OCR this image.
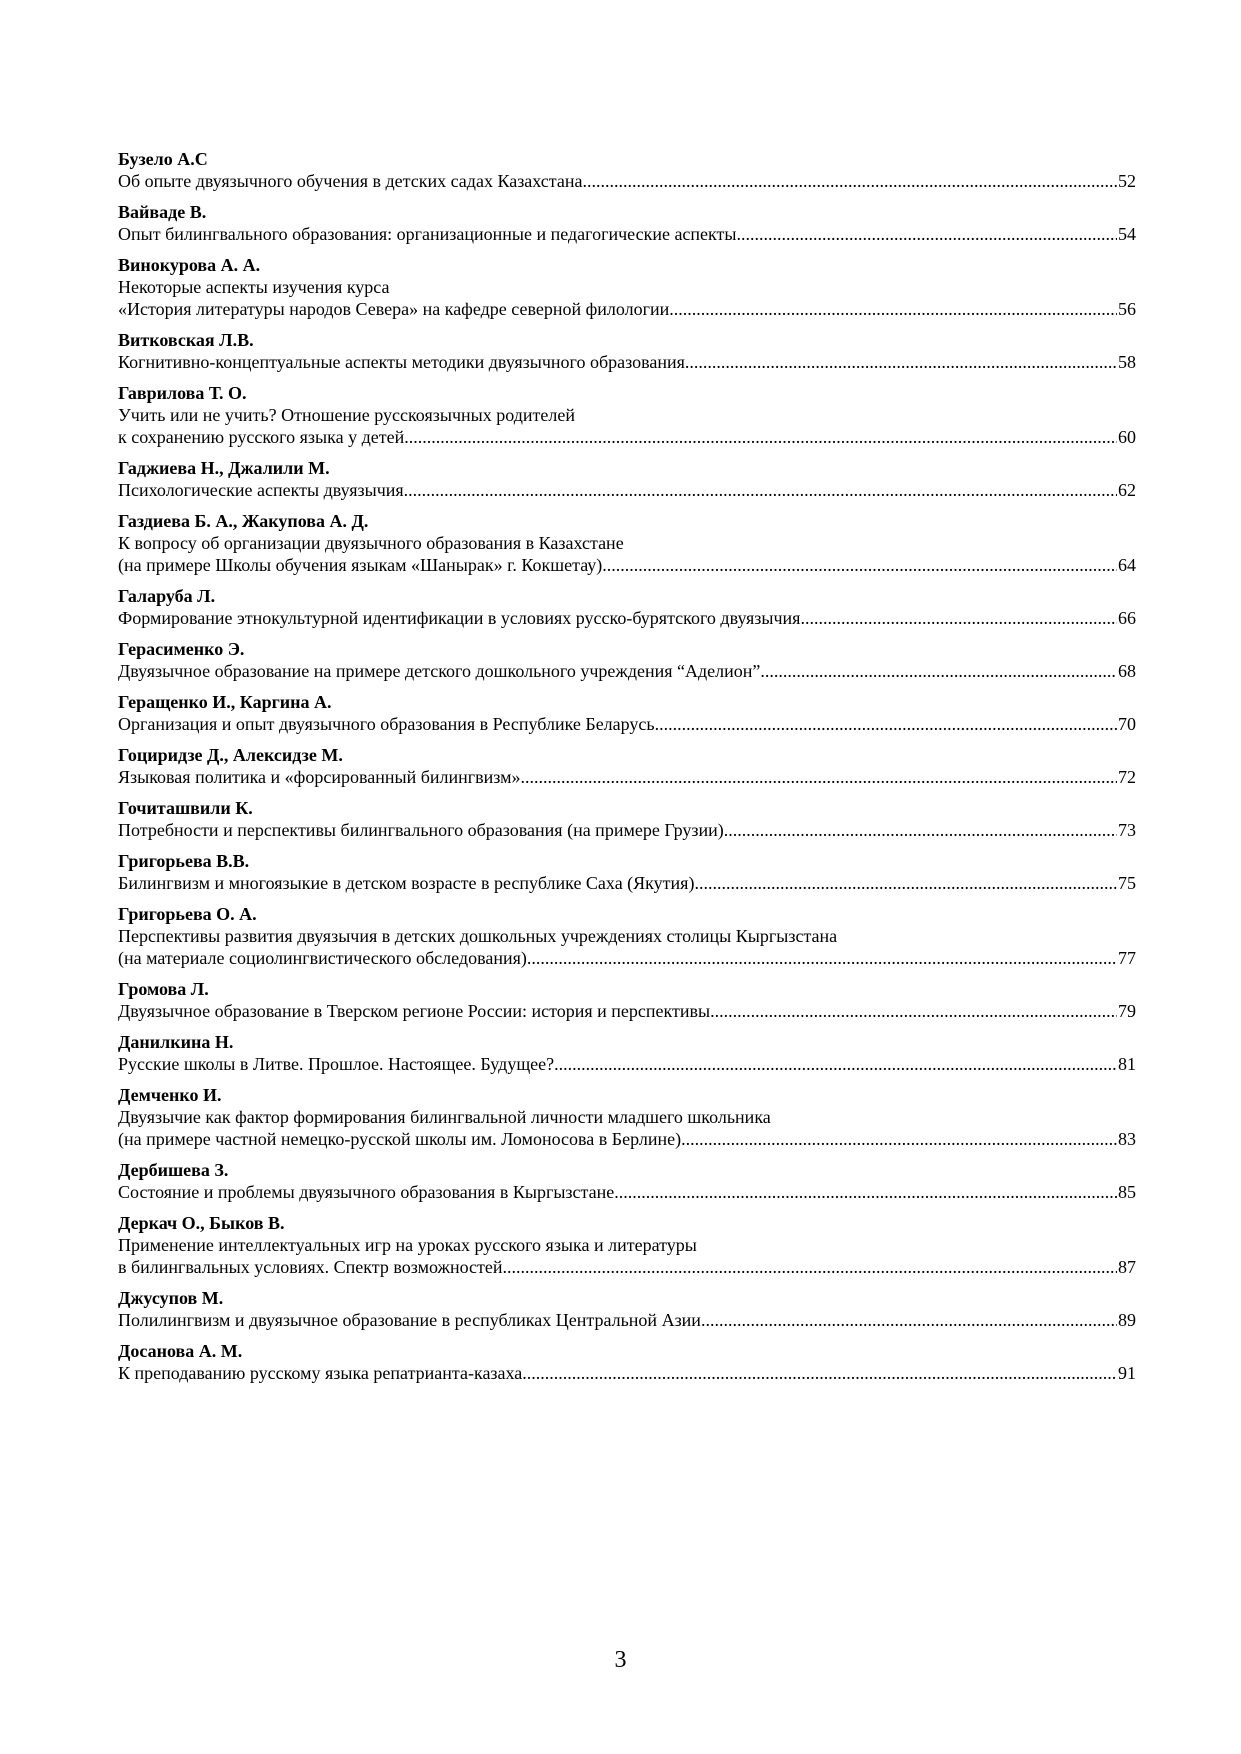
Бузело А.С
Об опыте двуязычного обучения в детских садах Казахстана .....	52
Вайваде В.
Опыт билингвального образования: организационные и педагогические аспекты .....	54
Винокурова А. А.
Некоторые аспекты изучения курса
«История литературы народов Севера» на кафедре северной филологии .....	56
Витковская Л.В.
Когнитивно-концептуальные аспекты методики двуязычного образования .....	58
Гаврилова Т. О.
Учить или не учить? Отношение русскоязычных родителей
к сохранению русского языка у детей .....	60
Гаджиева Н., Джалили М.
Психологические аспекты двуязычия .....	62
Газдиева Б. А., Жакупова А. Д.
К вопросу об организации двуязычного образования в Казахстане
(на примере Школы обучения языкам «Шанырак» г. Кокшетау) .....	64
Галаруба Л.
Формирование этнокультурной идентификации в условиях русско-бурятского двуязычия .....	66
Герасименко Э.
Двуязычное образование на примере детского дошкольного учреждения “Аделион” .....	68
Геращенко И., Каргина А.
Организация и опыт двуязычного образования в Республике Беларусь .....	70
Гоциридзе Д., Алексидзе М.
Языковая политика и «форсированный билингвизм» .....	72
Гочиташвили К.
Потребности и перспективы билингвального образования (на примере Грузии) .....	73
Григорьева В.В.
Билингвизм и многоязыкие в детском возрасте в республике Саха (Якутия) .....	75
Григорьева О. А.
Перспективы развития двуязычия в детских дошкольных учреждениях столицы Кыргызстана
(на материале социолингвистического обследования) .....	77
Громова Л.
Двуязычное образование в Тверском регионе России: история и перспективы .....	79
Данилкина Н.
Русские школы в Литве. Прошлое. Настоящее. Будущее? .....	81
Демченко И.
Двуязычие как фактор формирования билингвальной личности младшего школьника
(на примере частной немецко-русской школы им. Ломоносова в Берлине) .....	83
Дербишева З.
Состояние и проблемы двуязычного образования в Кыргызстане .....	85
Деркач О., Быков В.
Применение интеллектуальных игр на уроках русского языка и литературы
в билингвальных условиях. Спектр возможностей .....	87
Джусупов М.
Полилингвизм и двуязычное образование в республиках Центральной Азии .....	89
Досанова А. М.
К преподаванию русскому языка репатрианта-казаха .....	91
3
